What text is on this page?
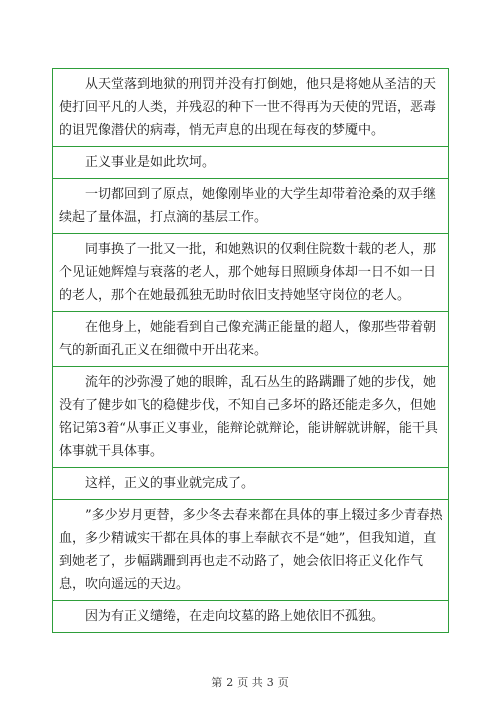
从天堂落到地狱的刑罚并没有打倒她，他只是将她从圣洁的天使打回平凡的人类，并残忍的种下一世不得再为天使的咒语，恶毒的诅咒像潜伏的病毒，悄无声息的出现在每夜的梦魇中。
正义事业是如此坎坷。
一切都回到了原点，她像刚毕业的大学生却带着沧桑的双手继续起了量体温，打点滴的基层工作。
同事换了一批又一批，和她熟识的仅剩住院数十载的老人，那个见证她辉煌与衰落的老人，那个她每日照顾身体却一日不如一日的老人，那个在她最孤独无助时依旧支持她坚守岗位的老人。
在他身上，她能看到自己像充满正能量的超人，像那些带着朝气的新面孔正义在细微中开出花来。
流年的沙弥漫了她的眼眸，乱石丛生的路蹒跚了她的步伐，她没有了健步如飞的稳健步伐，不知自己多坏的路还能走多久，但她铭记第3着“从事正义事业，能辩论就辩论，能讲解就讲解，能干具体事就干具体事。
这样，正义的事业就完成了。
”多少岁月更替，多少冬去春来都在具体的事上辍过多少青春热血，多少精诚实干都在具体的事上奉献衣不是“她”，但我知道，直到她老了，步幅蹒跚到再也走不动路了，她会依旧将正义化作气息，吹向遥远的天边。
因为有正义缱绻，在走向坟墓的路上她依旧不孤独。
第 2 页 共 3 页
